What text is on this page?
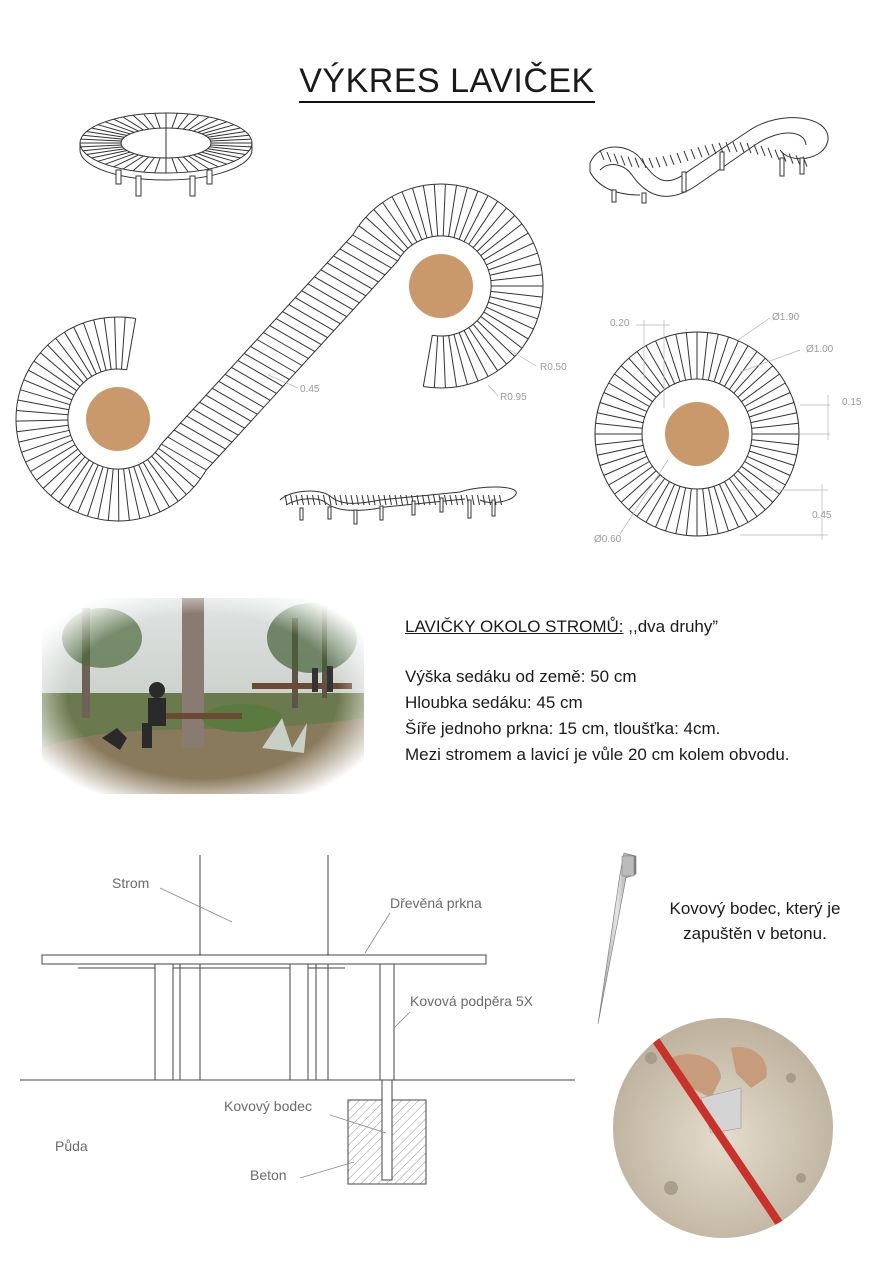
VÝKRES LAVIČEK
0.45
R0.50
R0.95
0.20
Ø1.90
Ø1.00
0.15
0.45
Ø0.60
LAVIČKY OKOLO STROMŮ: ,,dva druhy”
Výška sedáku od země: 50 cm
Hloubka sedáku: 45 cm
Šíře jednoho prkna: 15 cm, tloušťka: 4cm.
Mezi stromem a lavicí je vůle 20 cm kolem obvodu.
Strom
Dřevěná prkna
Kovová podpěra 5X
Kovový bodec
Půda
Beton
Kovový bodec, který je zapuštěn v betonu.
